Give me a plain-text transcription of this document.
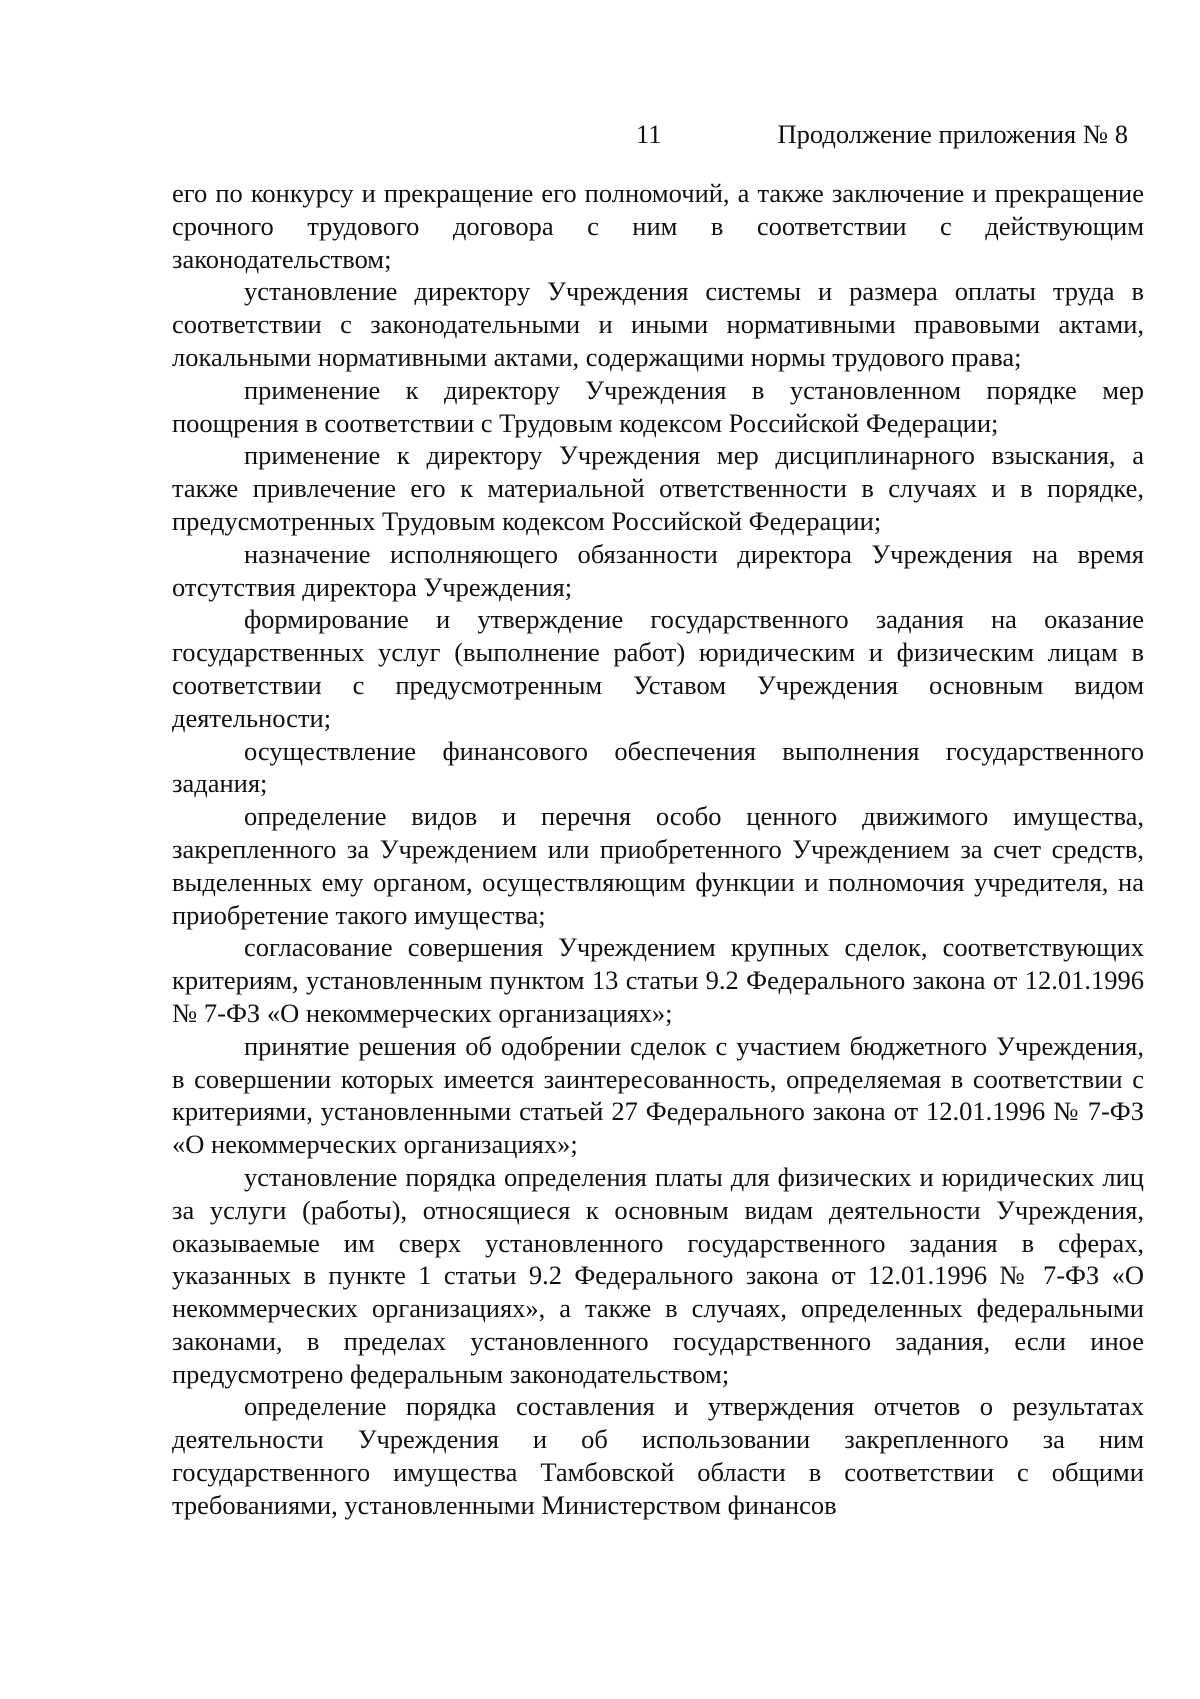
11	Продолжение приложения № 8

его по конкурсу и прекращение его полномочий, а также заключение и прекращение срочного трудового договора с ним в соответствии с действующим законодательством;

установление директору Учреждения системы и размера оплаты труда в соответствии с законодательными и иными нормативными правовыми актами, локальными нормативными актами, содержащими нормы трудового права;

применение к директору Учреждения в установленном порядке мер поощрения в соответствии с Трудовым кодексом Российской Федерации;

применение к директору Учреждения мер дисциплинарного взыскания, а также привлечение его к материальной ответственности в случаях и в порядке, предусмотренных Трудовым кодексом Российской Федерации;

назначение исполняющего обязанности директора Учреждения на время отсутствия директора Учреждения;

формирование и утверждение государственного задания на оказание государственных услуг (выполнение работ) юридическим и физическим лицам в соответствии с предусмотренным Уставом Учреждения основным видом деятельности;

осуществление финансового обеспечения выполнения государственного задания;

определение видов и перечня особо ценного движимого имущества, закрепленного за Учреждением или приобретенного Учреждением за счет средств, выделенных ему органом, осуществляющим функции и полномочия учредителя, на приобретение такого имущества;

согласование совершения Учреждением крупных сделок, соответствующих критериям, установленным пунктом 13 статьи 9.2 Федерального закона от 12.01.1996 № 7-ФЗ «О некоммерческих организациях»;

принятие решения об одобрении сделок с участием бюджетного Учреждения, в совершении которых имеется заинтересованность, определяемая в соответствии с критериями, установленными статьей 27 Федерального закона от 12.01.1996 № 7-ФЗ «О некоммерческих организациях»;

установление порядка определения платы для физических и юридических лиц за услуги (работы), относящиеся к основным видам деятельности Учреждения, оказываемые им сверх установленного государственного задания в сферах, указанных в пункте 1 статьи 9.2 Федерального закона от 12.01.1996 № 7-ФЗ «О некоммерческих организациях», а также в случаях, определенных федеральными законами, в пределах установленного государственного задания, если иное предусмотрено федеральным законодательством;

определение порядка составления и утверждения отчетов о результатах деятельности Учреждения и об использовании закрепленного за ним государственного имущества Тамбовской области в соответствии с общими требованиями, установленными Министерством финансов
